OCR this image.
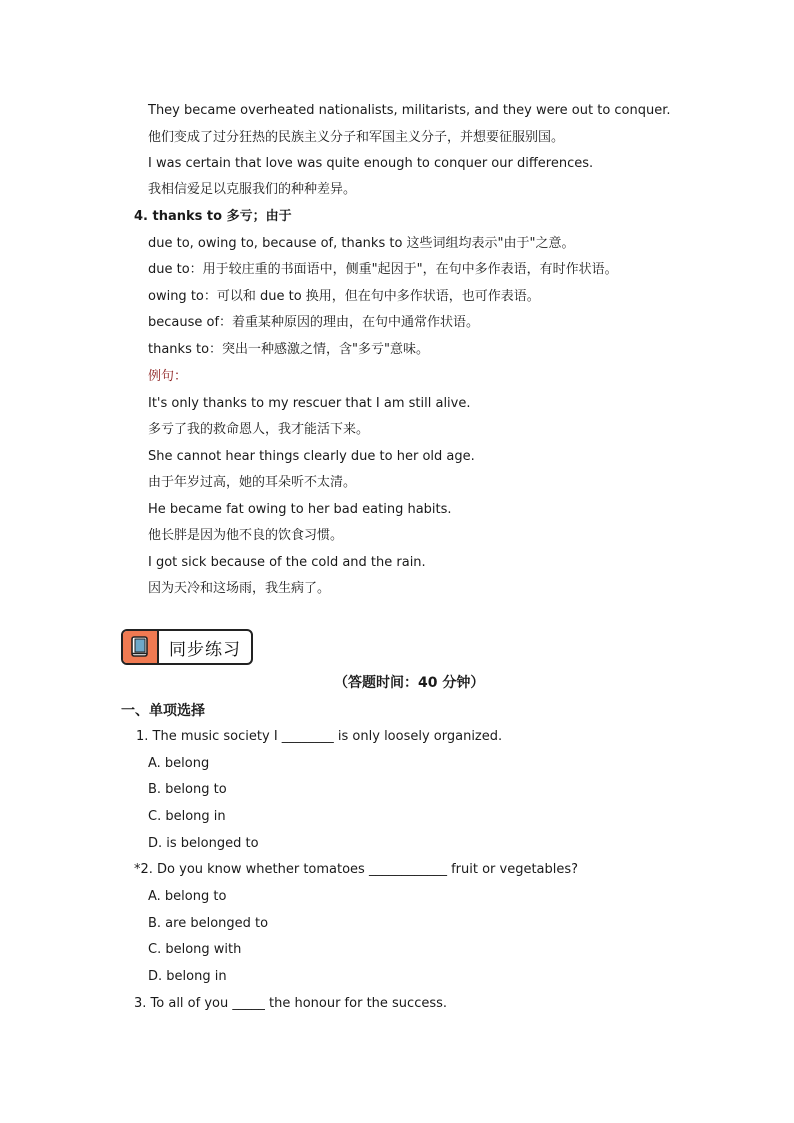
They became overheated nationalists, militarists, and they were out to conquer.
他们变成了过分狂热的民族主义分子和军国主义分子，并想要征服别国。
I was certain that love was quite enough to conquer our differences.
我相信爱足以克服我们的种种差异。
4. thanks to 多亏；由于
due to, owing to, because of, thanks to 这些词组均表示"由于"之意。
due to：用于较庄重的书面语中，侧重"起因于"，在句中多作表语，有时作状语。
owing to：可以和 due to 换用，但在句中多作状语，也可作表语。
because of：着重某种原因的理由，在句中通常作状语。
thanks to：突出一种感激之情，含"多亏"意味。
例句：
It's only thanks to my rescuer that I am still alive.
多亏了我的救命恩人，我才能活下来。
She cannot hear things clearly due to her old age.
由于年岁过高，她的耳朵听不太清。
He became fat owing to her bad eating habits.
他长胖是因为他不良的饮食习惯。
I got sick because of the cold and the rain.
因为天冷和这场雨，我生病了。
同步练习
（答题时间：40 分钟）
一、单项选择
1. The music society I ________ is only loosely organized.
A. belong
B. belong to
C. belong in
D. is belonged to
*2. Do you know whether tomatoes ____________ fruit or vegetables?
A. belong to
B. are belonged to
C. belong with
D. belong in
3. To all of you _____ the honour for the success.
